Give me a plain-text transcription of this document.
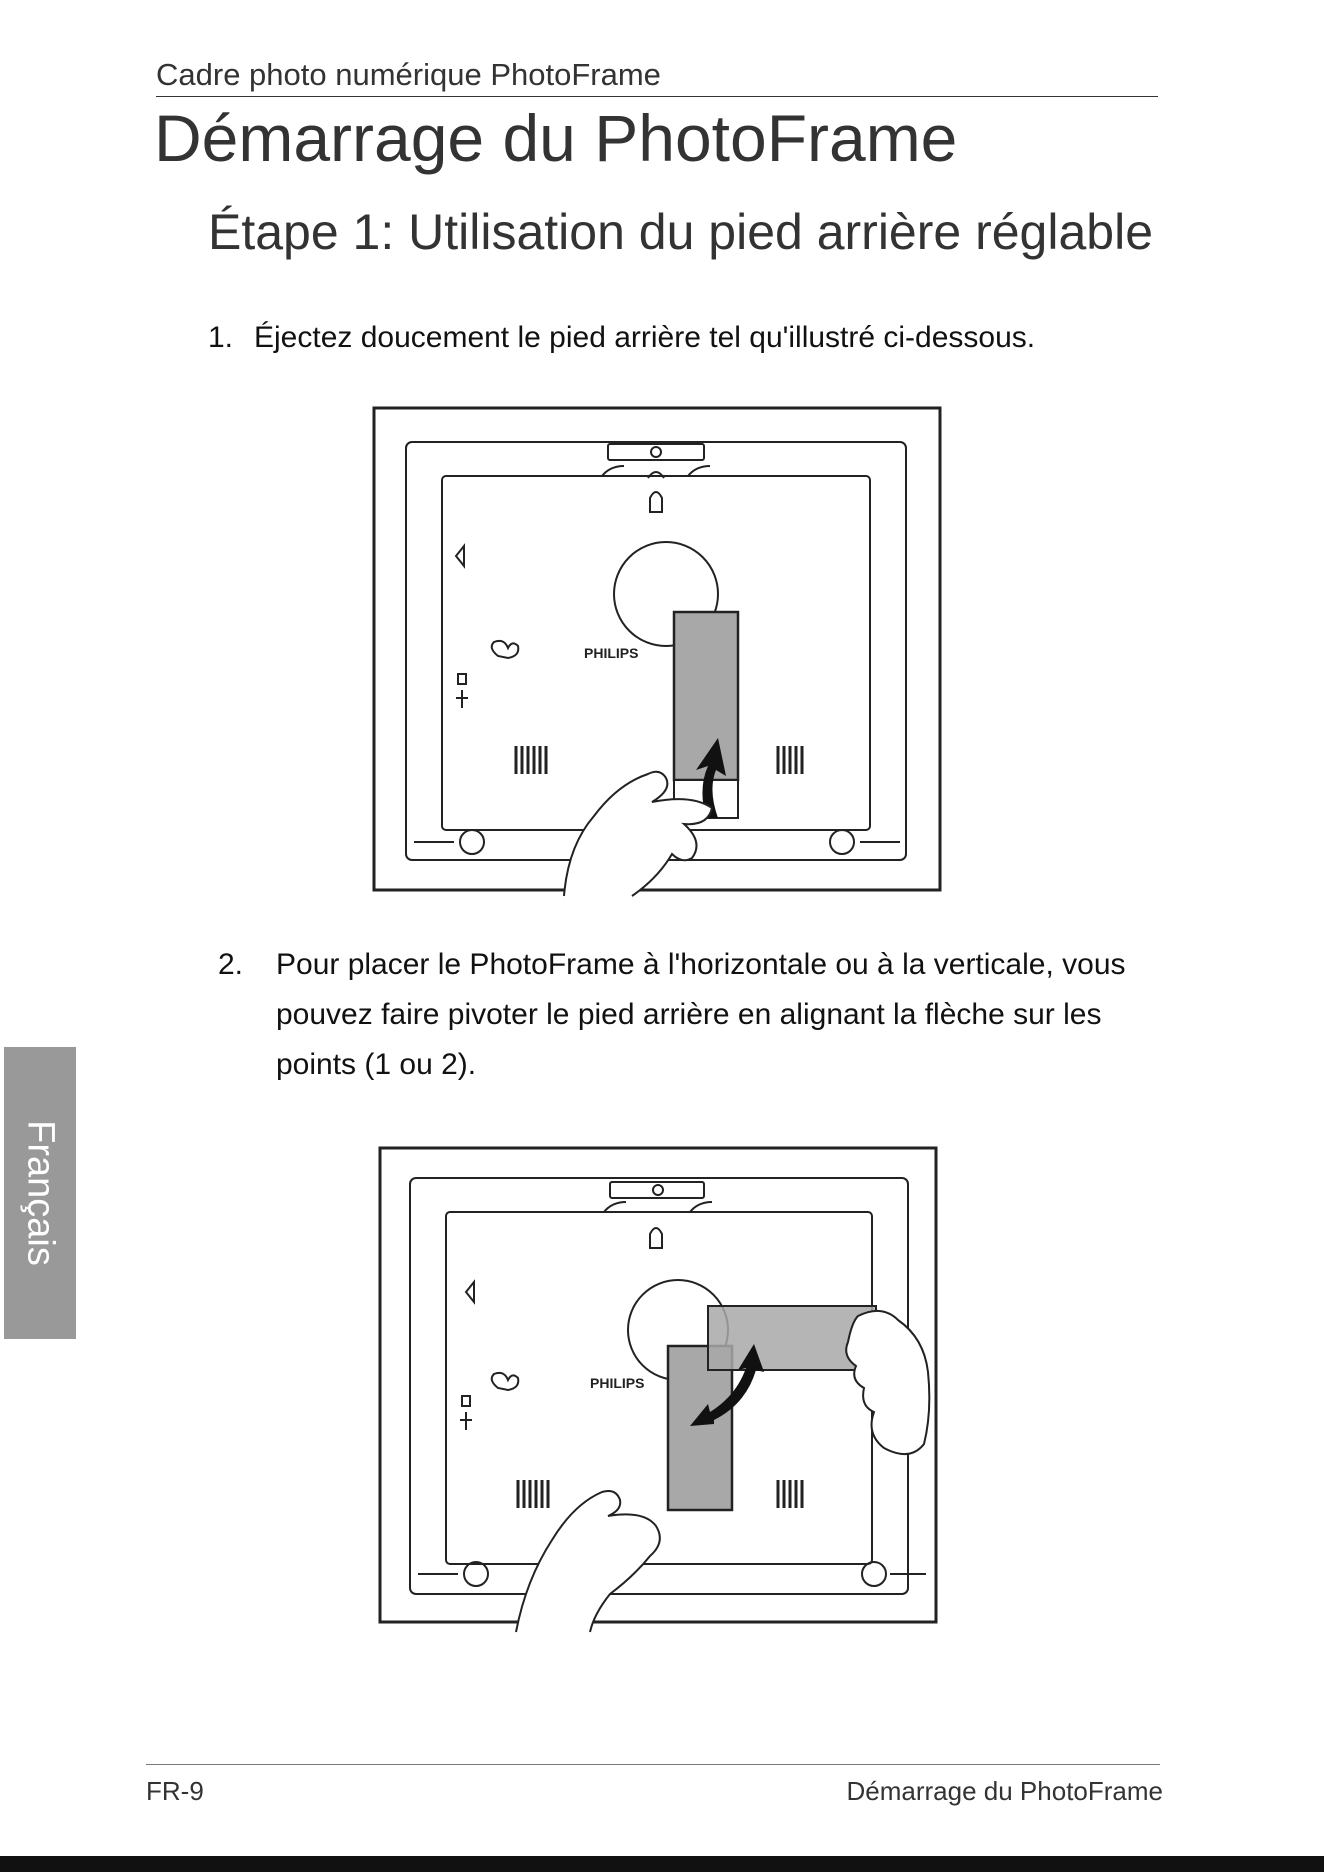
Cadre photo numérique PhotoFrame
Démarrage du PhotoFrame
Étape 1: Utilisation du pied arrière réglable
1. Éjectez doucement le pied arrière tel qu'illustré ci-dessous.
PHILIPS
2.	Pour placer le PhotoFrame à l'horizontale ou à la verticale, vous pouvez faire pivoter le pied arrière en alignant la flèche sur les points (1 ou 2).
PHILIPS
Français
FR-9	Démarrage du PhotoFrame
